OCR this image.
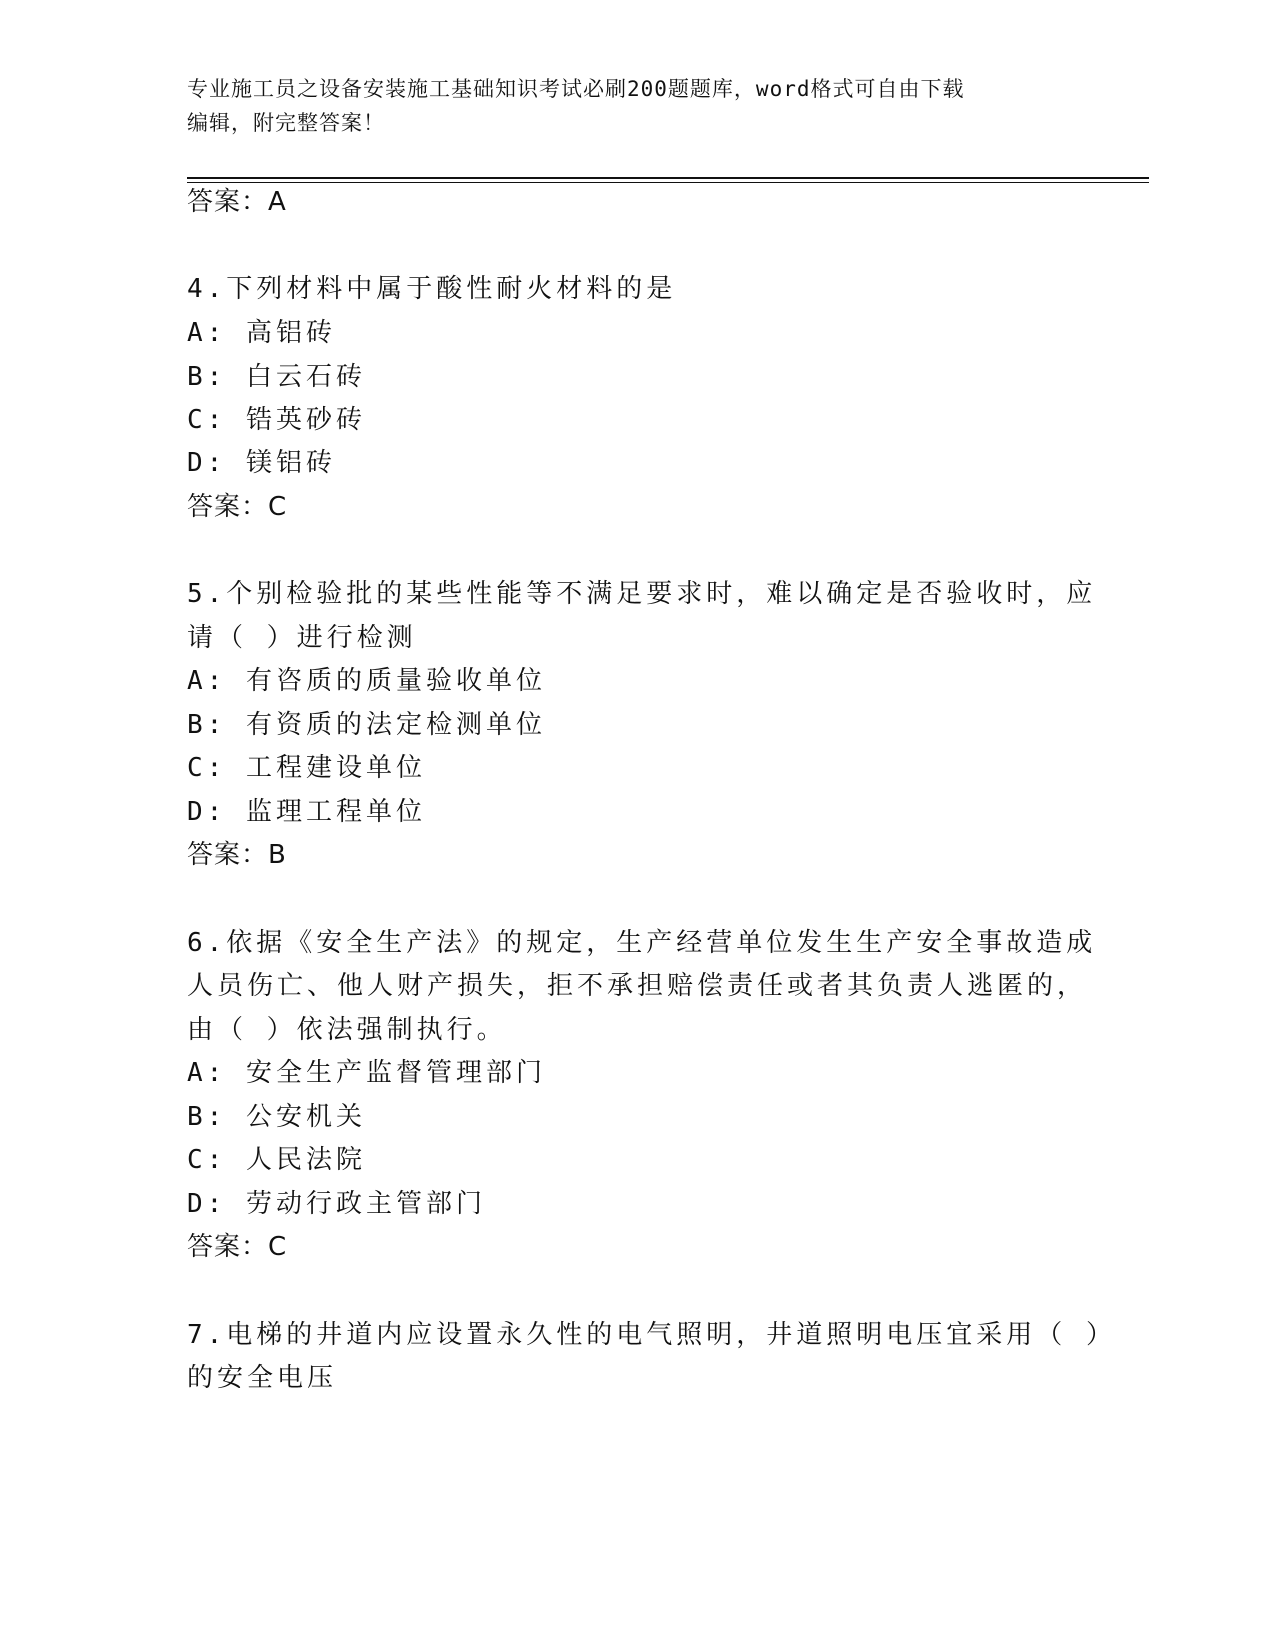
专业施工员之设备安装施工基础知识考试必刷200题题库，word格式可自由下载
编辑，附完整答案！
答案：A
4.下列材料中属于酸性耐火材料的是
A: 高铝砖
B: 白云石砖
C: 锆英砂砖
D: 镁铝砖
答案：C
5.个别检验批的某些性能等不满足要求时，难以确定是否验收时，应
请（ ）进行检测
A: 有咨质的质量验收单位
B: 有资质的法定检测单位
C: 工程建设单位
D: 监理工程单位
答案：B
6.依据《安全生产法》的规定，生产经营单位发生生产安全事故造成
人员伤亡、他人财产损失，拒不承担赔偿责任或者其负责人逃匿的，
由（ ）依法强制执行。
A: 安全生产监督管理部门
B: 公安机关
C: 人民法院
D: 劳动行政主管部门
答案：C
7.电梯的井道内应设置永久性的电气照明，井道照明电压宜采用（ ）
的安全电压
